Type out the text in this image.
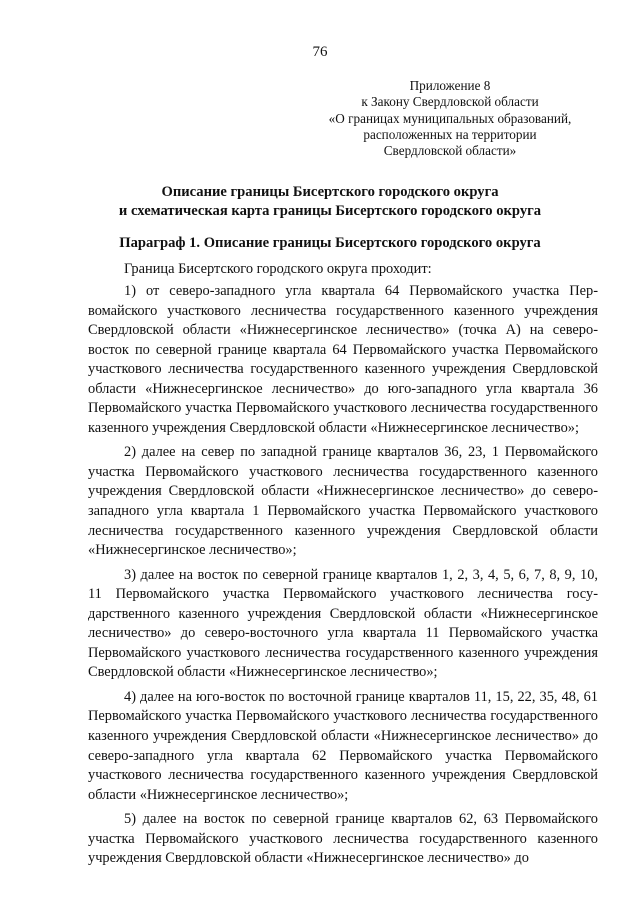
76
Приложение 8
к Закону Свердловской области
«О границах муниципальных образований,
расположенных на территории
Свердловской области»
Описание границы Бисертского городского округа
и схематическая карта границы Бисертского городского округа
Параграф 1. Описание границы Бисертского городского округа

Граница Бисертского городского округа проходит:

1) от северо-западного угла квартала 64 Первомайского участка Первомайского участкового лесничества государственного казенного учреждения Свердловской области «Нижнесергинское лесничество» (точка А) на северо-восток по северной границе квартала 64 Первомайского участка Первомайского участкового лесничества государственного казенного учреждения Свердловской области «Нижнесергинское лесничество» до юго-западного угла квартала 36 Первомайского участка Первомайского участкового лесничества государственного казенного учреждения Свердловской области «Нижнесергинское лесничество»;

2) далее на север по западной границе кварталов 36, 23, 1 Первомайского участка Первомайского участкового лесничества государственного казенного учреждения Свердловской области «Нижнесергинское лесничество» до северо-западного угла квартала 1 Первомайского участка Первомайского участкового лесничества государственного казенного учреждения Свердловской области «Нижнесергинское лесничество»;

3) далее на восток по северной границе кварталов 1, 2, 3, 4, 5, 6, 7, 8, 9, 10, 11 Первомайского участка Первомайского участкового лесничества государственного казенного учреждения Свердловской области «Нижнесергинское лесничество» до северо-восточного угла квартала 11 Первомайского участка Первомайского участкового лесничества государственного казенного учреждения Свердловской области «Нижнесергинское лесничество»;

4) далее на юго-восток по восточной границе кварталов 11, 15, 22, 35, 48, 61 Первомайского участка Первомайского участкового лесничества государственного казенного учреждения Свердловской области «Нижнесергинское лесничество» до северо-западного угла квартала 62 Первомайского участка Первомайского участкового лесничества государственного казенного учреждения Свердловской области «Нижнесергинское лесничество»;

5) далее на восток по северной границе кварталов 62, 63 Первомайского участка Первомайского участкового лесничества государственного казенного учреждения Свердловской области «Нижнесергинское лесничество» до
